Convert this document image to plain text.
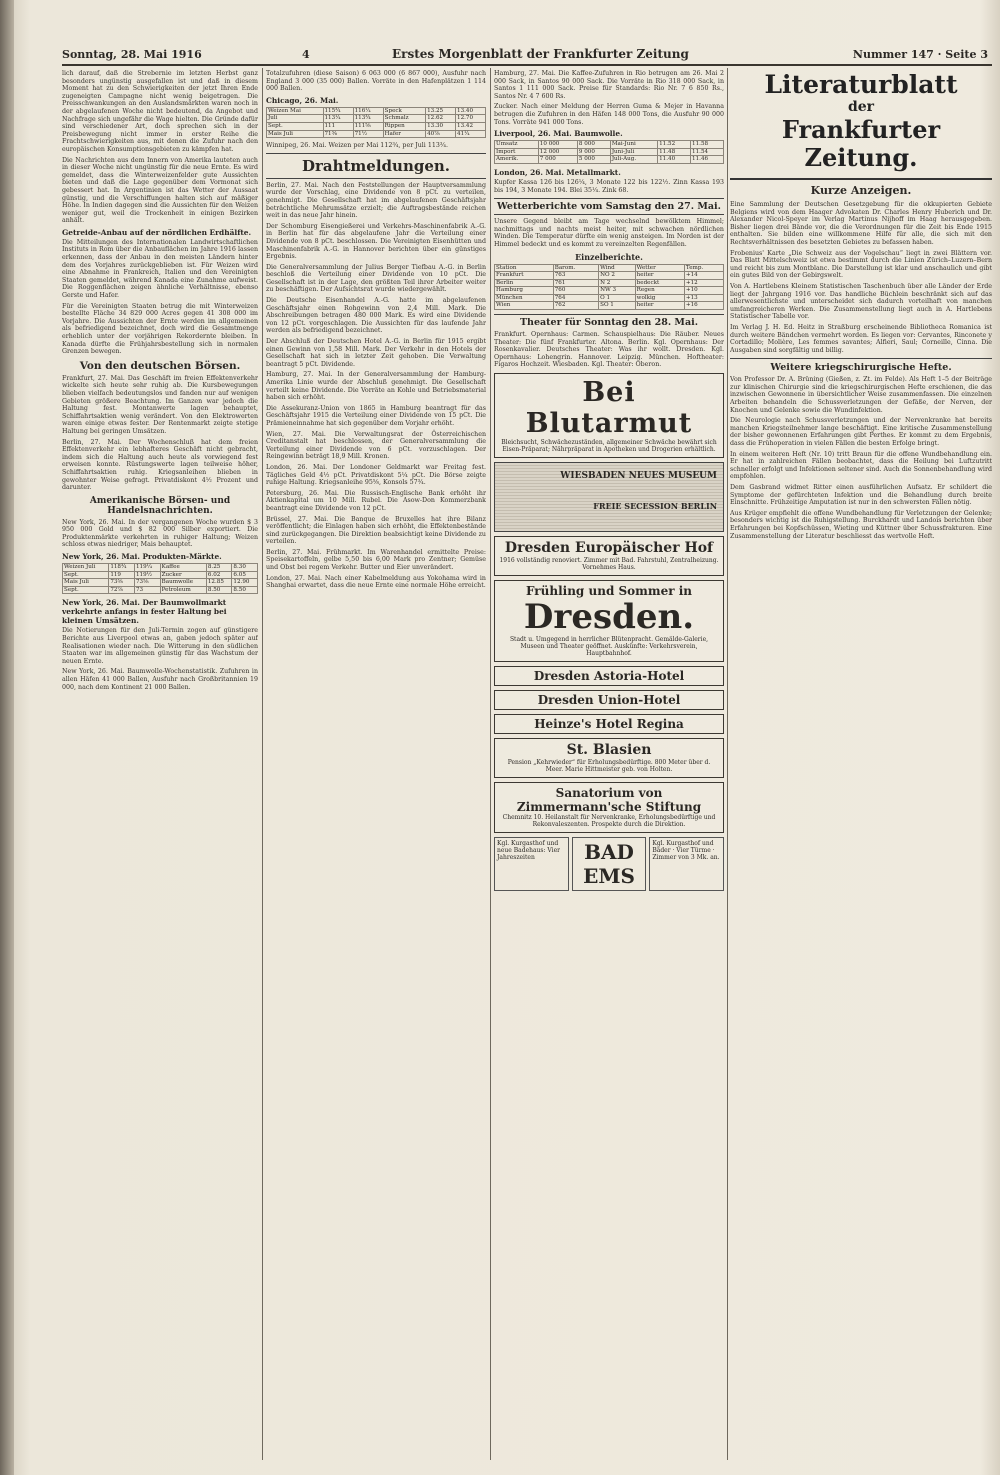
Sonntag, 28. Mai 1916	4	Erstes Morgenblatt der Frankfurter Zeitung	Nummer 147 · Seite 3

lich darauf, daß die Strebernie im letzten Herbst ganz besonders ungünstig ausgefallen ist und daß in diesem Moment hat zu den Schwierigkeiten der jetzt Ihren Ende zugeneigten Campagne nicht wenig beigetragen. Die Preisschwankungen an den Auslandsmärkten waren noch in der abgelaufenen Woche nicht bedeutend, da Angebot und Nachfrage sich ungefähr die Wage hielten. Die Gründe dafür sind verschiedener Art, doch sprechen sich in der Preisbewegung nicht immer in erster Reihe die Frachtschwierigkeiten aus, mit denen die Zufuhr nach den europäischen Konsumptionsgebieten zu kämpfen hat.

Die Nachrichten aus dem Innern von Amerika lauteten auch in dieser Woche nicht ungünstig für die neue Ernte. Es wird gemeldet, dass die Winterweizenfelder gute Aussichten bieten und daß die Lage gegenüber dem Vormonat sich gebessert hat. In Argentinien ist das Wetter der Aussaat günstig, und die Verschiffungen halten sich auf mäßiger Höhe. In Indien dagegen sind die Aussichten für den Weizen weniger gut, weil die Trockenheit in einigen Bezirken anhält.

Getreide-Anbau auf der nördlichen Erdhälfte.

Die Mitteilungen des Internationalen Landwirtschaftlichen Instituts in Rom über die Anbauflächen im Jahre 1916 lassen erkennen, dass der Anbau in den meisten Ländern hinter dem des Vorjahres zurückgeblieben ist. Für Weizen wird eine Abnahme in Frankreich, Italien und den Vereinigten Staaten gemeldet, während Kanada eine Zunahme aufweist. Die Roggenflächen zeigen ähnliche Verhältnisse, ebenso Gerste und Hafer.

Für die Vereinigten Staaten betrug die mit Winterweizen bestellte Fläche 34 829 000 Acres gegen 41 308 000 im Vorjahre. Die Aussichten der Ernte werden im allgemeinen als befriedigend bezeichnet, doch wird die Gesamtmenge erheblich unter der vorjährigen Rekordernte bleiben. In Kanada dürfte die Frühjahrsbestellung sich in normalen Grenzen bewegen.

Von den deutschen Börsen.

Frankfurt, 27. Mai. Das Geschäft im freien Effektenverkehr wickelte sich heute sehr ruhig ab. Die Kursbewegungen blieben vielfach bedeutungslos und fanden nur auf wenigen Gebieten größere Beachtung. Im Ganzen war jedoch die Haltung fest. Montanwerte lagen behauptet, Schiffahrtsaktien wenig verändert. Von den Elektrowerten waren einige etwas fester. Der Rentenmarkt zeigte stetige Haltung bei geringen Umsätzen.

Berlin, 27. Mai. Der Wochenschluß hat dem freien Effektenverkehr ein lebhafteres Geschäft nicht gebracht, indem sich die Haltung auch heute als vorwiegend fest erweisen konnte. Rüstungswerte lagen teilweise höher, Schiffahrtsaktien ruhig. Kriegsanleihen blieben in gewohnter Weise gefragt. Privatdiskont 4½ Prozent und darunter.

Amerikanische Börsen- und Handelsnachrichten.

New York, 26. Mai. In der vergangenen Woche wurden $ 3 950 000 Gold und $ 82 000 Silber exportiert. Die Produktenmärkte verkehrten in ruhiger Haltung; Weizen schloss etwas niedriger, Mais behauptet.

New York, 26. Mai. Produkten-Märkte.
Weizen Juli	118¾	119¼	Kaffee	8.25	8.30
Sept.	119	119½	Zucker	6.02	6.05
Mais Juli	73⅜	73⅝	Baumwolle	12.85	12.90
Sept.	72⅞	73	Petroleum	8.50	8.50
New York, 26. Mai. Der Baumwollmarkt verkehrte anfangs in fester Haltung bei kleinen Umsätzen.

Die Notierungen für den Juli-Termin zogen auf günstigere Berichte aus Liverpool etwas an, gaben jedoch später auf Realisationen wieder nach. Die Witterung in den südlichen Staaten war im allgemeinen günstig für das Wachstum der neuen Ernte.

New York, 26. Mai. Baumwolle-Wochenstatistik. Zufuhren in allen Häfen 41 000 Ballen, Ausfuhr nach Großbritannien 19 000, nach dem Kontinent 21 000 Ballen.

Totalzufuhren (diese Saison) 6 063 000 (6 867 000), Ausfuhr nach England 3 000 (35 000) Ballen. Vorräte in den Hafenplätzen 1 114 000 Ballen.

Chicago, 26. Mai.
Weizen Mai	115¾	116¼	Speck	13.25	13.40
Juli	113¼	113¾	Schmalz	12.62	12.70
Sept.	111	111⅝	Rippen	13.30	13.42
Mais Juli	71⅜	71½	Hafer	40⅞	41¼

Winnipeg, 26. Mai. Weizen per Mai 112¾, per Juli 113¾.

Drahtmeldungen.

Berlin, 27. Mai. Nach den Feststellungen der Hauptversammlung wurde der Vorschlag, eine Dividende von 8 pCt. zu verteilen, genehmigt. Die Gesellschaft hat im abgelaufenen Geschäftsjahr beträchtliche Mehrumsätze erzielt; die Auftragsbestände reichen weit in das neue Jahr hinein.

Der Schomburg Eisengießerei und Verkehrs-Maschinenfabrik A.-G. in Berlin hat für das abgelaufene Jahr die Verteilung einer Dividende von 8 pCt. beschlossen. Die Vereinigten Eisenhütten und Maschinenfabrik A.-G. in Hannover berichten über ein günstiges Ergebnis.

Die Generalversammlung der Julius Berger Tiefbau A.-G. in Berlin beschloß die Verteilung einer Dividende von 10 pCt. Die Gesellschaft ist in der Lage, den größten Teil ihrer Arbeiter weiter zu beschäftigen. Der Aufsichtsrat wurde wiedergewählt.

Die Deutsche Eisenhandel A.-G. hatte im abgelaufenen Geschäftsjahr einen Rohgewinn von 2,4 Mill. Mark. Die Abschreibungen betragen 480 000 Mark. Es wird eine Dividende von 12 pCt. vorgeschlagen. Die Aussichten für das laufende Jahr werden als befriedigend bezeichnet.

Der Abschluß der Deutschen Hotel A.-G. in Berlin für 1915 ergibt einen Gewinn von 1,58 Mill. Mark. Der Verkehr in den Hotels der Gesellschaft hat sich in letzter Zeit gehoben. Die Verwaltung beantragt 5 pCt. Dividende.

Hamburg, 27. Mai. In der Generalversammlung der Hamburg-Amerika Linie wurde der Abschluß genehmigt. Die Gesellschaft verteilt keine Dividende. Die Vorräte an Kohle und Betriebsmaterial haben sich erhöht.

Die Assekuranz-Union von 1865 in Hamburg beantragt für das Geschäftsjahr 1915 die Verteilung einer Dividende von 15 pCt. Die Prämieneinnahme hat sich gegenüber dem Vorjahr erhöht.

Wien, 27. Mai. Die Verwaltungsrat der Österreichischen Creditanstalt hat beschlossen, der Generalversammlung die Verteilung einer Dividende von 6 pCt. vorzuschlagen. Der Reingewinn beträgt 18,9 Mill. Kronen.

London, 26. Mai. Der Londoner Geldmarkt war Freitag fest. Tägliches Geld 4½ pCt. Privatdiskont 5¼ pCt. Die Börse zeigte ruhige Haltung. Kriegsanleihe 95⅝, Konsols 57¾.

Petersburg, 26. Mai. Die Russisch-Englische Bank erhöht ihr Aktienkapital um 10 Mill. Rubel. Die Asow-Don Kommerzbank beantragt eine Dividende von 12 pCt.

Brüssel, 27. Mai. Die Banque de Bruxelles hat ihre Bilanz veröffentlicht; die Einlagen haben sich erhöht, die Effektenbestände sind zurückgegangen. Die Direktion beabsichtigt keine Dividende zu verteilen.

Berlin, 27. Mai. Frühmarkt. Im Warenhandel ermittelte Preise: Speisekartoffeln, gelbe 5,50 bis 6,00 Mark pro Zentner; Gemüse und Obst bei regem Verkehr. Butter und Eier unverändert.

London, 27. Mai. Nach einer Kabelmeldung aus Yokohama wird in Shanghai erwartet, dass die neue Ernte eine normale Höhe erreicht.

Hamburg, 27. Mai. Die Kaffee-Zufuhren in Rio betrugen am 26. Mai 2 000 Sack, in Santos 90 000 Sack. Die Vorräte in Rio 318 000 Sack, in Santos 1 111 000 Sack. Preise für Standards: Rio Nr. 7 6 850 Rs., Santos Nr. 4 7 600 Rs.

Zucker. Nach einer Meldung der Herren Guma & Mejer in Havanna betrugen die Zufuhren in den Häfen 148 000 Tons, die Ausfuhr 90 000 Tons. Vorräte 941 000 Tons.

Liverpool, 26. Mai. Baumwolle.
Umsatz	10 000	8 000	Mai-Juni	11.52	11.58
Import	12 000	9 000	Juni-Juli	11.48	11.54
Amerik.	7 000	5 000	Juli-Aug.	11.40	11.46
London, 26. Mai. Metallmarkt.

Kupfer Kassa 126 bis 126¼, 3 Monate 122 bis 122½. Zinn Kassa 193 bis 194, 3 Monate 194. Blei 35¼. Zink 68.

Wetterberichte vom Samstag den 27. Mai.

Unsere Gegend bleibt am Tage wechselnd bewölktem Himmel; nachmittags und nachts meist heiter, mit schwachen nördlichen Winden. Die Temperatur dürfte ein wenig ansteigen. Im Norden ist der Himmel bedeckt und es kommt zu vereinzelten Regenfällen.

Einzelberichte.
Station	Barom.	Wind	Wetter	Temp.
Frankfurt	763	NO 2	heiter	+14
Berlin	761	N 2	bedeckt	+12
Hamburg	760	NW 3	Regen	+10
München	764	O 1	wolkig	+13
Wien	762	SO 1	heiter	+16
Theater für Sonntag den 28. Mai.

Frankfurt. Opernhaus: Carmen. Schauspielhaus: Die Räuber. Neues Theater: Die fünf Frankfurter. Altona. Berlin. Kgl. Opernhaus: Der Rosenkavalier. Deutsches Theater: Was ihr wollt. Dresden. Kgl. Opernhaus: Lohengrin. Hannover. Leipzig. München. Hoftheater: Figaros Hochzeit. Wiesbaden. Kgl. Theater: Oberon.

Bei Blutarmut
Bleichsucht, Schwächezuständen, allgemeiner Schwäche bewährt sich Eisen-Präparat; Nährpräparat in Apotheken und Drogerien erhältlich.
WIESBADEN NEUES MUSEUM
FREIE SECESSION BERLIN
Dresden Europäischer Hof
1916 vollständig renoviert. Zimmer mit Bad. Fahrstuhl, Zentralheizung. Vornehmes Haus.
Frühling und Sommer in
Dresden.
Stadt u. Umgegend in herrlicher Blütenpracht. Gemälde-Galerie, Museen und Theater geöffnet. Auskünfte: Verkehrsverein, Hauptbahnhof.
Dresden Astoria-Hotel
Dresden Union-Hotel
Heinze's Hotel Regina
St. Blasien
Pension „Kehrwieder“ für Erholungsbedürftige. 800 Meter über d. Meer. Marie Hittmeister geb. von Holten.
Sanatorium von Zimmermann'sche Stiftung
Chemnitz 10. Heilanstalt für Nervenkranke, Erholungsbedürftige und Rekonvaleszenten. Prospekte durch die Direktion.
Kgl. Kurgasthof und neue Badehaus: Vier Jahreszeiten	BAD EMS
Kgl. Kurgasthof und Bäder · Vier Türme · Zimmer von 3 Mk. an.
Literaturblatt
der
Frankfurter Zeitung.
Kurze Anzeigen.

Eine Sammlung der Deutschen Gesetzgebung für die okkupierten Gebiete Belgiens wird von dem Haager Advokaten Dr. Charles Henry Huberich und Dr. Alexander Nicol-Speyer im Verlag Martinus Nijhoff im Haag herausgegeben. Bisher liegen drei Bände vor, die die Verordnungen für die Zeit bis Ende 1915 enthalten. Sie bilden eine willkommene Hilfe für alle, die sich mit den Rechtsverhältnissen des besetzten Gebietes zu befassen haben.

Frobenius' Karte „Die Schweiz aus der Vogelschau“ liegt in zwei Blättern vor. Das Blatt Mittelschweiz ist etwa bestimmt durch die Linien Zürich–Luzern–Bern und reicht bis zum Montblanc. Die Darstellung ist klar und anschaulich und gibt ein gutes Bild von der Gebirgswelt.

Von A. Hartlebens Kleinem Statistischen Taschenbuch über alle Länder der Erde liegt der Jahrgang 1916 vor. Das handliche Büchlein beschränkt sich auf das allerwesentlichste und unterscheidet sich dadurch vorteilhaft von manchen umfangreicheren Werken. Die Zusammenstellung liegt auch in A. Hartlebens Statistischer Tabelle vor.

Im Verlag J. H. Ed. Heitz in Straßburg erscheinende Bibliotheca Romanica ist durch weitere Bändchen vermehrt worden. Es liegen vor: Cervantes, Rinconete y Cortadillo; Molière, Les femmes savantes; Alfieri, Saul; Corneille, Cinna. Die Ausgaben sind sorgfältig und billig.

Weitere kriegschirurgische Hefte.

Von Professor Dr. A. Brüning (Gießen, z. Zt. im Felde). Als Heft 1–5 der Beiträge zur klinischen Chirurgie sind die kriegschirurgischen Hefte erschienen, die das inzwischen Gewonnene in übersichtlicher Weise zusammenfassen. Die einzelnen Arbeiten behandeln die Schussverletzungen der Gefäße, der Nerven, der Knochen und Gelenke sowie die Wundinfektion.

Die Neurologie nach Schussverletzungen und der Nervenkranke hat bereits manchen Kriegsteilnehmer lange beschäftigt. Eine kritische Zusammenstellung der bisher gewonnenen Erfahrungen gibt Perthes. Er kommt zu dem Ergebnis, dass die Frühoperation in vielen Fällen die besten Erfolge bringt.

In einem weiteren Heft (Nr. 10) tritt Braun für die offene Wundbehandlung ein. Er hat in zahlreichen Fällen beobachtet, dass die Heilung bei Luftzutritt schneller erfolgt und Infektionen seltener sind. Auch die Sonnenbehandlung wird empfohlen.

Dem Gasbrand widmet Ritter einen ausführlichen Aufsatz. Er schildert die Symptome der gefürchteten Infektion und die Behandlung durch breite Einschnitte. Frühzeitige Amputation ist nur in den schwersten Fällen nötig.

Aus Krüger empfiehlt die offene Wundbehandlung für Verletzungen der Gelenke; besonders wichtig ist die Ruhigstellung. Burckhardt und Landois berichten über Erfahrungen bei Kopfschüssen, Wieting und Küttner über Schussfrakturen. Eine Zusammenstellung der Literatur beschliesst das wertvolle Heft.
